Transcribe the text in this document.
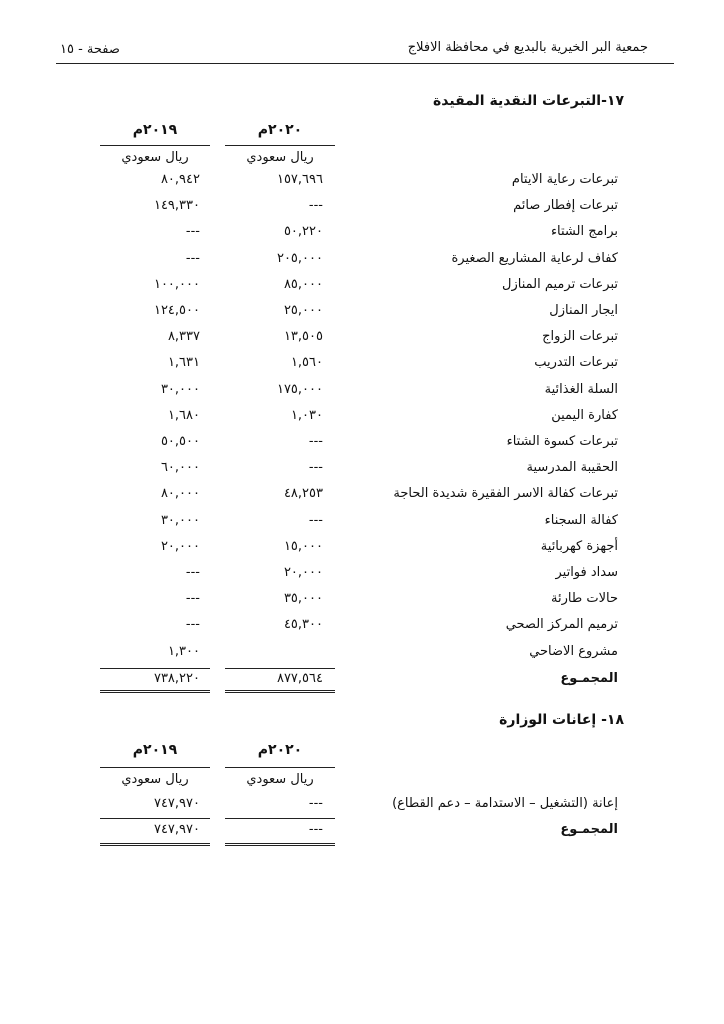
جمعية البر الخيرية بالبديع في محافظة الافلاج
صفحة - ١٥
١٧-التبرعات النقدية المقيدة
٢٠٢٠م
٢٠١٩م
ريال سعودي
ريال سعودي
تبرعات رعاية الايتام
١٥٧,٦٩٦
٨٠,٩٤٢
تبرعات إفطار صائم
---
١٤٩,٣٣٠
برامج الشتاء
٥٠,٢٢٠
---
كفاف لرعاية المشاريع الصغيرة
٢٠٥,٠٠٠
---
تبرعات ترميم المنازل
٨٥,٠٠٠
١٠٠,٠٠٠
ايجار المنازل
٢٥,٠٠٠
١٢٤,٥٠٠
تبرعات الزواج
١٣,٥٠٥
٨,٣٣٧
تبرعات التدريب
١,٥٦٠
١,٦٣١
السلة الغذائية
١٧٥,٠٠٠
٣٠,٠٠٠
كفارة اليمين
١,٠٣٠
١,٦٨٠
تبرعات كسوة الشتاء
---
٥٠,٥٠٠
الحقيبة المدرسية
---
٦٠,٠٠٠
تبرعات كفالة الاسر الفقيرة شديدة الحاجة
٤٨,٢٥٣
٨٠,٠٠٠
كفالة السجناء
---
٣٠,٠٠٠
أجهزة كهربائية
١٥,٠٠٠
٢٠,٠٠٠
سداد فواتير
٢٠,٠٠٠
---
حالات طارئة
٣٥,٠٠٠
---
ترميم المركز الصحي
٤٥,٣٠٠
---
مشروع الاضاحي
١,٣٠٠
المجمـوع
٨٧٧,٥٦٤
٧٣٨,٢٢٠
١٨- إعانات الوزارة
٢٠٢٠م
٢٠١٩م
ريال سعودي
ريال سعودي
إعانة (التشغيل – الاستدامة – دعم القطاع)
---
٧٤٧,٩٧٠
المجمـوع
---
٧٤٧,٩٧٠
